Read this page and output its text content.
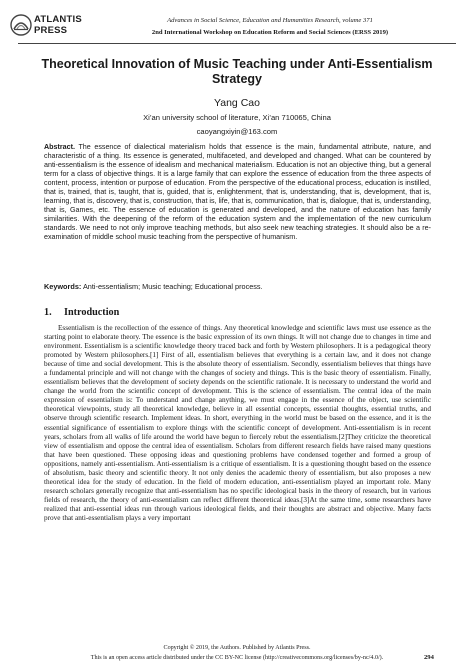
ATLANTIS
PRESS
Advances in Social Science, Education and Humanities Research, volume 371
2nd International Workshop on Education Reform and Social Sciences (ERSS 2019)
Theoretical Innovation of Music Teaching under Anti-Essentialism Strategy
Yang Cao
Xi’an university school of literature, Xi’an 710065, China
caoyangxiyin@163.com
Abstract. The essence of dialectical materialism holds that essence is the main, fundamental attribute, nature, and characteristic of a thing. Its essence is generated, multifaceted, and developed and changed. What can be countered by anti-essentialism is the essence of idealism and mechanical materialism. Education is not an objective thing, but a general term for a class of objective things. It is a large family that can explore the essence of education from the three aspects of content, process, intention or purpose of education. From the perspective of the educational process, education is instilled, that is, trained, that is, taught, that is, guided, that is, enlightenment, that is, understanding, that is, development, that is, learning, that is, discovery, that is, construction, that is, life, that is, communication, that is, dialogue, that is, understanding, that is, Games, etc. The essence of education is generated and developed, and the nature of education has family similarities. With the deepening of the reform of the education system and the implementation of the new curriculum standards. We need to not only improve teaching methods, but also seek new teaching strategies. It should also be a re-examination of middle school music teaching from the perspective of humanism.
Keywords: Anti-essentialism; Music teaching; Educational process.
1. Introduction
Essentialism is the recollection of the essence of things. Any theoretical knowledge and scientific laws must use essence as the starting point to elaborate theory. The essence is the basic expression of its own things. It will not change due to changes in time and environment. Essentialism is a scientific knowledge theory traced back and forth by Western philosophers. It is a pedagogical theory promoted by Western philosophers.[1] First of all, essentialism believes that everything is a certain law, and it does not change because of time and social development. This is the absolute theory of essentialism. Secondly, essentialism believes that things have a fundamental principle and will not change with the changes of society and things. This is the basic theory of essentialism. Finally, essentialism believes that the development of society depends on the scientific rationale. It is necessary to understand the world and change the world from the scientific concept of development. This is the science of essentialism. The central idea of the main expression of essentialism is: To understand and change anything, we must engage in the essence of the object, use scientific theoretical viewpoints, study all theoretical knowledge, believe in all essential concepts, essential thoughts, essential truths, and observe through scientific research. Implement ideas. In short, everything in the world must be based on the essence, and it is the essential significance of essentialism to explore things with the scientific concept of development. Anti-essentialism is in recent years, scholars from all walks of life around the world have begun to fiercely rebut the essentialism.[2]They criticize the theoretical view of essentialism and oppose the central idea of essentialism. Scholars from different research fields have raised many questions that have been questioned. These opposing ideas and questioning problems have condensed together and formed a group of oppositions, namely anti-essentialism. Anti-essentialism is a critique of essentialism. It is a questioning thought based on the essence of absolutism, basic theory and scientific theory. It not only denies the academic theory of essentialism, but also proposes a new theoretical idea for the study of education. In the field of modern education, anti-essentialism played an important role. Many research scholars generally recognize that anti-essentialism has no specific ideological basis in the theory of research, but in various fields of research, the theory of anti-essentialism can reflect different theoretical ideas.[3]At the same time, some researchers have realized that anti-essential ideas run through various ideological fields, and their thoughts are abstract and objective. Many facts prove that anti-essentialism plays a very important
Copyright © 2019, the Authors. Published by Atlantis Press.
This is an open access article distributed under the CC BY-NC license (http://creativecommons.org/licenses/by-nc/4.0/).	294
